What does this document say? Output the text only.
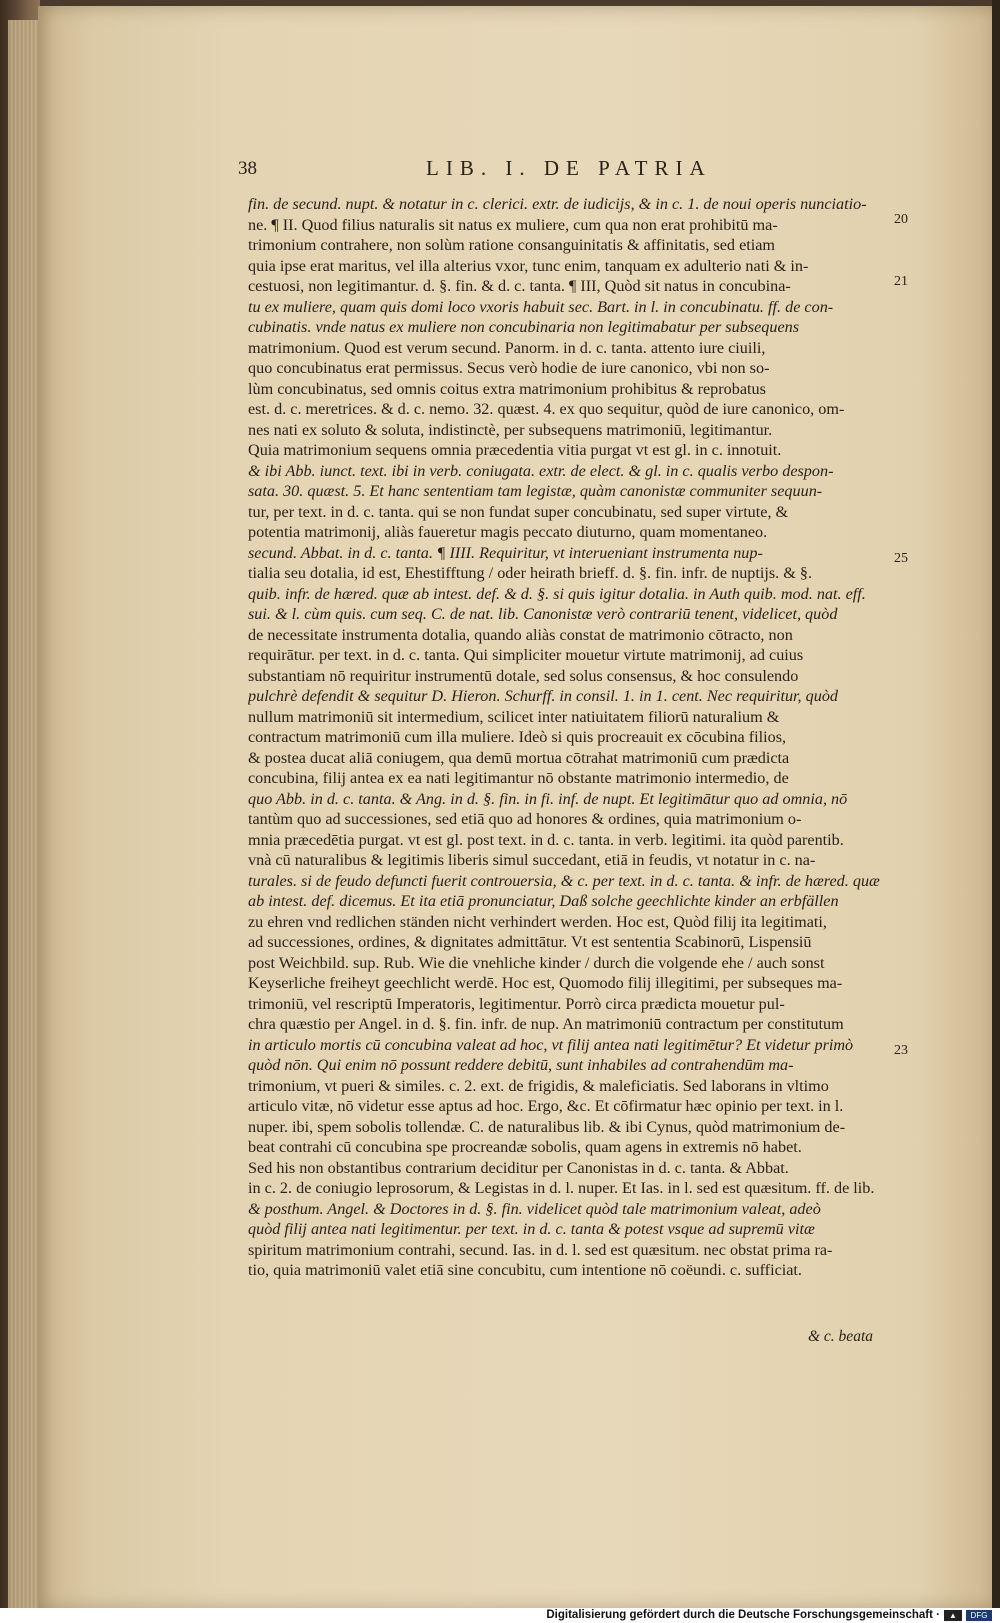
38	LIB. I. DE PATRIA
fin. de secund. nupt. & notatur in c. clerici. extr. de iudicijs, & in c. 1. de noui operis nunciatio-
ne. ¶ II. Quod filius naturalis sit natus ex muliere, cum qua non erat prohibitū ma-
trimonium contrahere, non solùm ratione consanguinitatis & affinitatis, sed etiam
quia ipse erat maritus, vel illa alterius vxor, tunc enim, tanquam ex adulterio nati & in-
cestuosi, non legitimantur. d. §. fin. & d. c. tanta. ¶ III, Quòd sit natus in concubina-
tu ex muliere, quam quis domi loco vxoris habuit sec. Bart. in l. in concubinatu. ff. de con-
cubinatis. vnde natus ex muliere non concubinaria non legitimabatur per subsequens
matrimonium. Quod est verum secund. Panorm. in d. c. tanta. attento iure ciuili,
quo concubinatus erat permissus. Secus verò hodie de iure canonico, vbi non so-
lùm concubinatus, sed omnis coitus extra matrimonium prohibitus & reprobatus
est. d. c. meretrices. & d. c. nemo. 32. quæst. 4. ex quo sequitur, quòd de iure canonico, om-
nes nati ex soluto & soluta, indistinctè, per subsequens matrimoniū, legitimantur.
Quia matrimonium sequens omnia præcedentia vitia purgat vt est gl. in c. innotuit.
& ibi Abb. iunct. text. ibi in verb. coniugata. extr. de elect. & gl. in c. qualis verbo despon-
sata. 30. quæst. 5. Et hanc sententiam tam legistæ, quàm canonistæ communiter sequun-
tur, per text. in d. c. tanta. qui se non fundat super concubinatu, sed super virtute, &
potentia matrimonij, aliàs faueretur magis peccato diuturno, quam momentaneo.
secund. Abbat. in d. c. tanta. ¶ IIII. Requiritur, vt interueniant instrumenta nup-
tialia seu dotalia, id est, Ehestifftung / oder heirath brieff. d. §. fin. infr. de nuptijs. & §.
quib. infr. de hæred. quæ ab intest. def. & d. §. si quis igitur dotalia. in Auth quib. mod. nat. eff.
sui. & l. cùm quis. cum seq. C. de nat. lib. Canonistæ verò contrariū tenent, videlicet, quòd
de necessitate instrumenta dotalia, quando aliàs constat de matrimonio cōtracto, non
requirātur. per text. in d. c. tanta. Qui simpliciter mouetur virtute matrimonij, ad cuius
substantiam nō requiritur instrumentū dotale, sed solus consensus, & hoc consulendo
pulchrè defendit & sequitur D. Hieron. Schurff. in consil. 1. in 1. cent. Nec requiritur, quòd
nullum matrimoniū sit intermedium, scilicet inter natiuitatem filiorū naturalium &
contractum matrimoniū cum illa muliere. Ideò si quis procreauit ex cōcubina filios,
& postea ducat aliā coniugem, qua demū mortua cōtrahat matrimoniū cum prædicta
concubina, filij antea ex ea nati legitimantur nō obstante matrimonio intermedio, de
quo Abb. in d. c. tanta. & Ang. in d. §. fin. in fi. inf. de nupt. Et legitimātur quo ad omnia, nō
tantùm quo ad successiones, sed etiā quo ad honores & ordines, quia matrimonium o-
mnia præcedētia purgat. vt est gl. post text. in d. c. tanta. in verb. legitimi. ita quòd parentib.
vnà cū naturalibus & legitimis liberis simul succedant, etiā in feudis, vt notatur in c. na-
turales. si de feudo defuncti fuerit controuersia, & c. per text. in d. c. tanta. & infr. de hæred. quæ
ab intest. def. dicemus. Et ita etiā pronunciatur, Daß solche geechlichte kinder an erbfällen
zu ehren vnd redlichen ständen nicht verhindert werden. Hoc est, Quòd filij ita legitimati,
ad successiones, ordines, & dignitates admittātur. Vt est sententia Scabinorū, Lispensiū
post Weichbild. sup. Rub. Wie die vnehliche kinder / durch die volgende ehe / auch sonst
Keyserliche freiheyt geechlicht werdē. Hoc est, Quomodo filij illegitimi, per subseques ma-
trimoniū, vel rescriptū Imperatoris, legitimentur. Porrò circa prædicta mouetur pul-
chra quæstio per Angel. in d. §. fin. infr. de nup. An matrimoniū contractum per constitutum
in articulo mortis cū concubina valeat ad hoc, vt filij antea nati legitimētur? Et videtur primò
quòd nōn. Qui enim nō possunt reddere debitū, sunt inhabiles ad contrahendūm ma-
trimonium, vt pueri & similes. c. 2. ext. de frigidis, & maleficiatis. Sed laborans in vltimo
articulo vitæ, nō videtur esse aptus ad hoc. Ergo, &c. Et cōfirmatur hæc opinio per text. in l.
nuper. ibi, spem sobolis tollendæ. C. de naturalibus lib. & ibi Cynus, quòd matrimonium de-
beat contrahi cū concubina spe procreandæ sobolis, quam agens in extremis nō habet.
Sed his non obstantibus contrarium deciditur per Canonistas in d. c. tanta. & Abbat.
in c. 2. de coniugio leprosorum, & Legistas in d. l. nuper. Et Ias. in l. sed est quæsitum. ff. de lib.
& posthum. Angel. & Doctores in d. §. fin. videlicet quòd tale matrimonium valeat, adeò
quòd filij antea nati legitimentur. per text. in d. c. tanta & potest vsque ad supremū vitæ
spiritum matrimonium contrahi, secund. Ias. in d. l. sed est quæsitum. nec obstat prima ra-
tio, quia matrimoniū valet etiā sine concubitu, cum intentione nō coëundi. c. sufficiat.
20
21
25
23
& c. beata
Digitalisierung gefördert durch die Deutsche Forschungsgemeinschaft ·	▲	DFG
